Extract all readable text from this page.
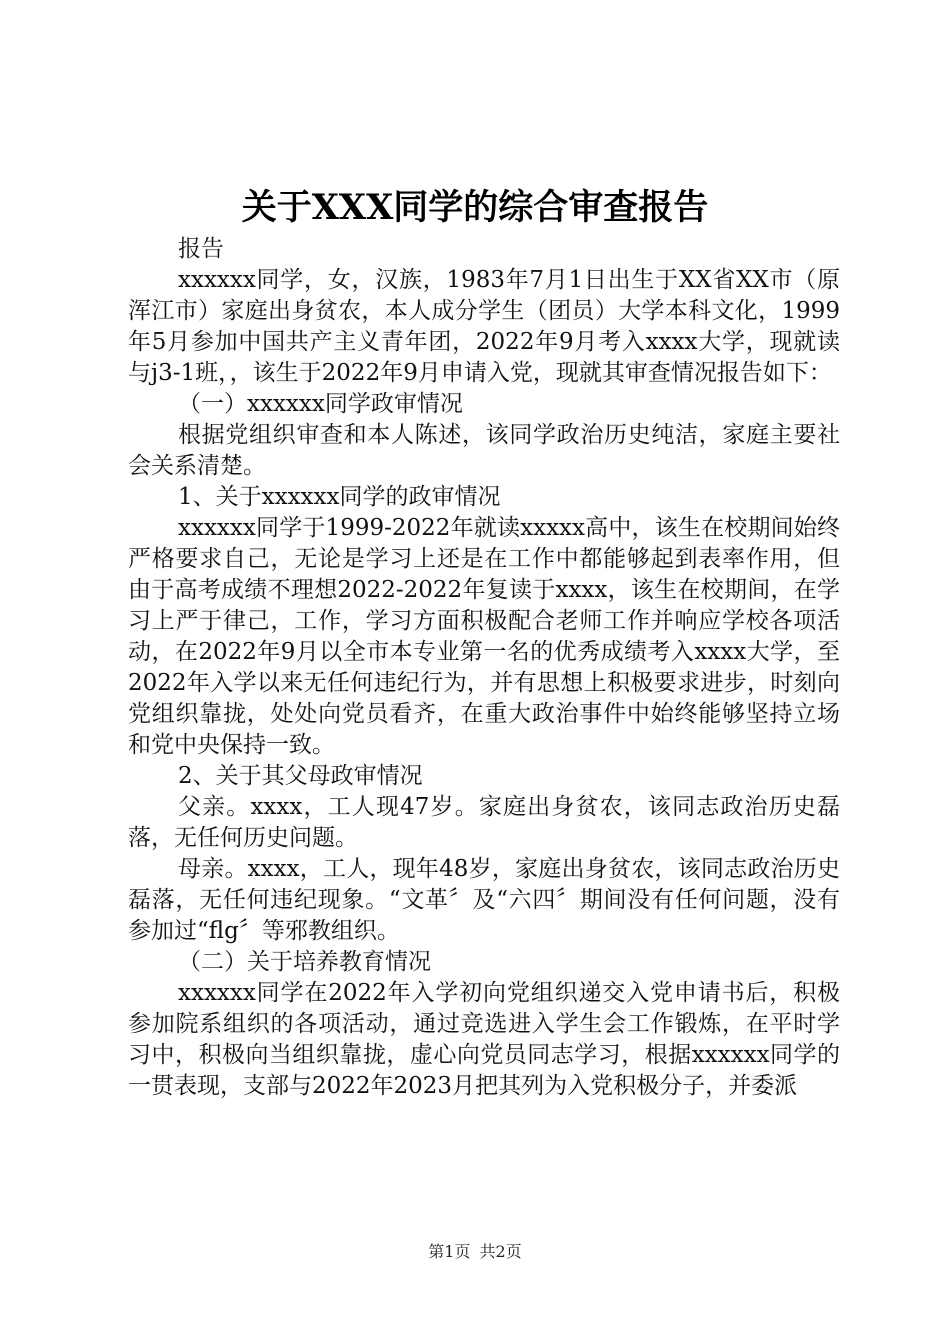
关于XXX同学的综合审查报告

报告

xxxxxx同学，女，汉族，1983年7月1日出生于XX省XX市（原浑江市）家庭出身贫农，本人成分学生（团员）大学本科文化，1999年5月参加中国共产主义青年团，2022年9月考入xxxx大学，现就读与j3-1班，，该生于2022年9月申请入党，现就其审查情况报告如下：

（一）xxxxxx同学政审情况

根据党组织审查和本人陈述，该同学政治历史纯洁，家庭主要社会关系清楚。

1、关于xxxxxx同学的政审情况

xxxxxx同学于1999-2022年就读xxxxx高中，该生在校期间始终严格要求自己，无论是学习上还是在工作中都能够起到表率作用，但由于高考成绩不理想2022-2022年复读于xxxx，该生在校期间，在学习上严于律己，工作，学习方面积极配合老师工作并响应学校各项活动，在2022年9月以全市本专业第一名的优秀成绩考入xxxx大学，至2022年入学以来无任何违纪行为，并有思想上积极要求进步，时刻向党组织靠拢，处处向党员看齐，在重大政治事件中始终能够坚持立场和党中央保持一致。

2、关于其父母政审情况

父亲。xxxx，工人现47岁。家庭出身贫农，该同志政治历史磊落，无任何历史问题。

母亲。xxxx，工人，现年48岁，家庭出身贫农，该同志政治历史磊落，无任何违纪现象。“文革〞及“六四〞期间没有任何问题，没有参加过“flg〞等邪教组织。

（二）关于培养教育情况

xxxxxx同学在2022年入学初向党组织递交入党申请书后，积极参加院系组织的各项活动，通过竞选进入学生会工作锻炼，在平时学习中，积极向当组织靠拢，虚心向党员同志学习，根据xxxxxx同学的一贯表现，支部与2022年2023月把其列为入党积极分子，并委派

第1页 共2页
